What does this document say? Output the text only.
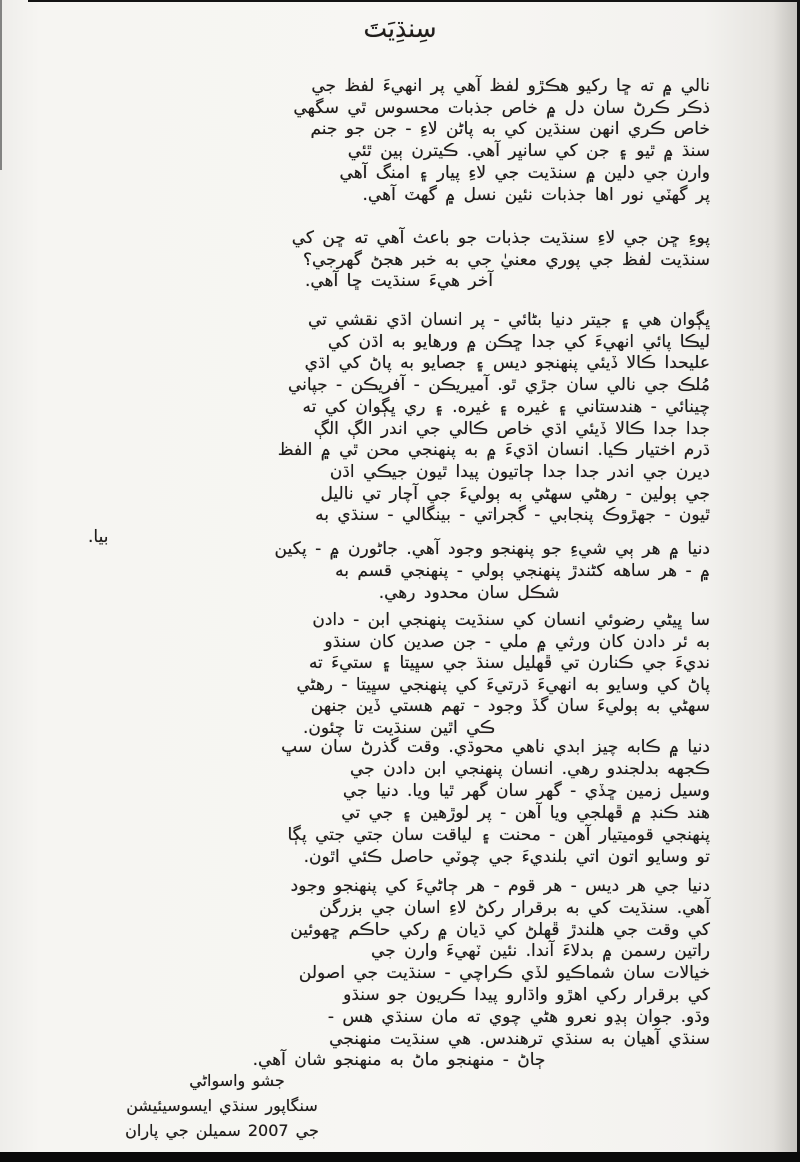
سِنڌِيَتَ
نالي ۾ ته ڇا رکيو هڪڙو لفظ آهي پر انهيءَ لفظ جي
ذڪر ڪرڻ سان دل ۾ خاص جذبات محسوس ٿي سگهي
خاص ڪري انهن سنڌين کي به پاڻن لاءِ - جن جو جنم
سنڌ ۾ ٿيو ۽ جن کي سانڀر آهي. ڪيترن ٻين ٿئي
وارن جي دلين ۾ سنڌيت جي لاءِ پيار ۽ امنگ آهي
پر گهٽي نور اها جذبات نئين نسل ۾ گهٽ آهي.
پوءِ ڇن جي لاءِ سنڌيت جذبات جو باعث آهي ته ڇن کي
سنڌيت لفظ جي پوري معنيٰ جي به خبر هجڻ گهرجي؟
آخر هيءَ سنڌيت ڇا آهي.
ڀڳوان هي ۽ جيتر دنيا بڻائي - پر انسان اڌي نقشي تي
ليڪا پائي انهيءَ کي جدا ڇڪن ۾ ورهايو به اڌن کي
عليحدا ڪالا ڏيئي پنهنجو ديس ۽ جصايو به پاڻ کي اڌي
مُلڪ جي نالي سان جڙي ٿو. آميريڪن - آفريڪن - جپاني
چينائي - هندستاني ۽ غيره ۽ غيره. ۽ ري ڀڳوان کي ته
جدا جدا ڪالا ڏيئي اڌي خاص ڪالي جي اندر الڳ الڳ
ڌرم اختيار ڪيا. انسان اڌيءَ ۾ به پنهنجي محن ٿي ۾ الفظ
ديرن جي اندر جدا جدا ڄاتيون پيدا ٿيون جيڪي اڌن
جي ٻولين - رهڻي سهڻي به ٻوليءَ جي آچار تي ناليل
ٿيون - جهڙوڪ پنجابي - گجراتي - بينگالي - سنڌي به
بيا.
دنيا ۾ هر ٻي شيءِ جو پنهنجو وجود آهي. جاڻورن ۾ - پکين
۾ - هر ساهه کڻندڙ پنهنجي ٻولي - پنهنجي قسم به
شڪل سان محدود رهي.
سا ڀيڻي رضوئي انسان کي سنڌيت پنهنجي ابن - دادن
به ئر دادن کان ورثي ۾ ملي - جن صدين کان سنڌو
نديءَ جي ڪنارن تي ڦهليل سنڌ جي سڀيتا ۽ ستيءَ ته
پاڻ کي وسايو به انهيءَ ڌرتيءَ کي پنهنجي سڀيتا - رهڻي
سهڻي به ٻوليءَ سان گڏ وجود - تهم هستي ڏين جنهن
ڪي اٿين سنڌيت تا چئون.
دنيا ۾ ڪابه چيز ابدي ناهي محوڌي. وقت گذرڻ سان سڀ
ڪجهه بدلجندو رهي. انسان پنهنجي ابن دادن جي
وسيل زمين ڇڏي - گهر سان گهر ٿيا ويا. دنيا جي
هند ڪنڊ ۾ ڦهلجي ويا آهن - پر لوڙهين ۽ جي تي
پنهنجي قوميتيار آهن - محنت ۽ لياقت سان جتي جتي پڳا
تو وسايو اتون اتي بلنديءَ جي چوٽي حاصل ڪئي اٿون.
دنيا جي هر ديس - هر قوم - هر ڄاڻيءَ کي پنهنجو وجود
آهي. سنڌيت کي به برقرار رکڻ لاءِ اسان جي بزرگن
کي وقت جي هلندڙ ڦهلڻ کي ڌيان ۾ رکي حاڪم ڇهوئين
راتين رسمن ۾ بدلاءَ آندا. نئين ٽهيءَ وارن جي
خيالات سان شماڪيو لڏي ڪراچي - سنڌيت جي اصولن
کي برقرار رکي اهڙو واڌارو پيدا ڪريون جو سنڌو
وڌو. جوان ٻڍو نعرو هڻي چوي ته مان سنڌي هس -
سنڌي آهيان به سنڌي ترهندس. هي سنڌيت منهنجي
ڄاڻ - منهنجو ماڻ به منهنجو شان آهي.
جشو واسواڻي
سنگاپور سنڌي ايسوسيئيشن
جي 2007 سميلن جي پاران
